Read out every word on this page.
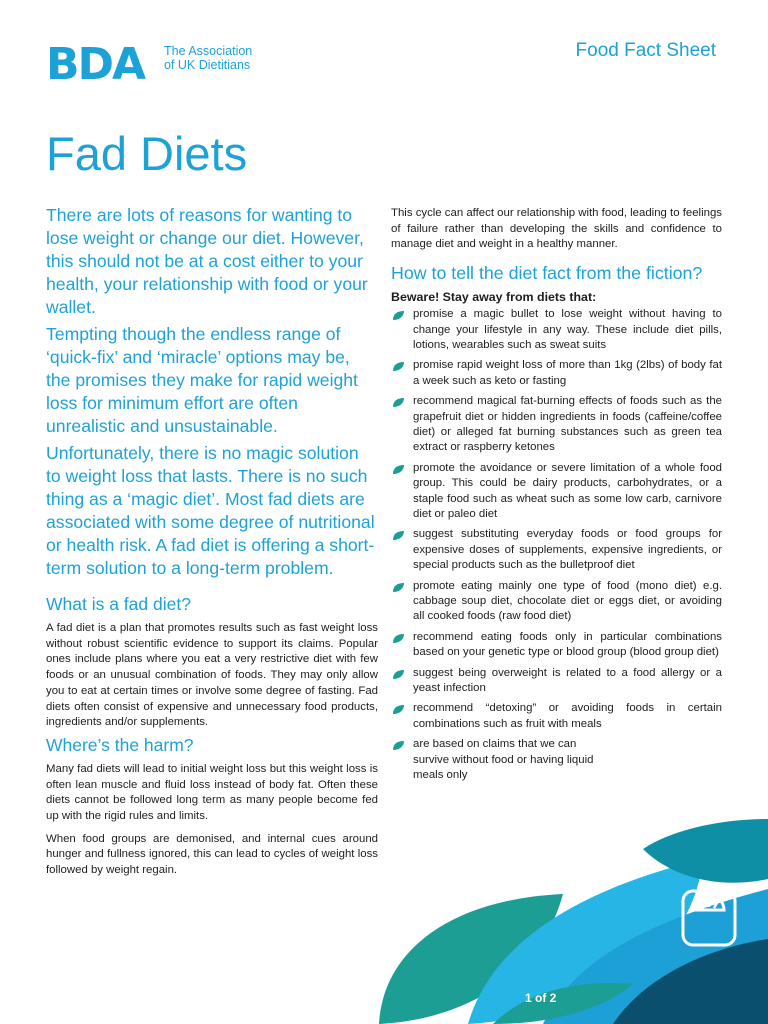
BDA The Association
of UK Dietitians
Food Fact Sheet
Fad Diets

There are lots of reasons for wanting to lose weight or change our diet. However, this should not be at a cost either to your health, your relationship with food or your wallet.

Tempting though the endless range of ‘quick-fix’ and ‘miracle’ options may be, the promises they make for rapid weight loss for minimum effort are often unrealistic and unsustainable.

Unfortunately, there is no magic solution to weight loss that lasts. There is no such thing as a ‘magic diet’. Most fad diets are associated with some degree of nutritional or health risk. A fad diet is offering a short-term solution to a long-term problem.

What is a fad diet?

A fad diet is a plan that promotes results such as fast weight loss without robust scientific evidence to support its claims. Popular ones include plans where you eat a very restrictive diet with few foods or an unusual combination of foods. They may only allow you to eat at certain times or involve some degree of fasting. Fad diets often consist of expensive and unnecessary food products, ingredients and/or supplements.

Where’s the harm?

Many fad diets will lead to initial weight loss but this weight loss is often lean muscle and fluid loss instead of body fat. Often these diets cannot be followed long term as many people become fed up with the rigid rules and limits.

When food groups are demonised, and internal cues around hunger and fullness ignored, this can lead to cycles of weight loss followed by weight regain.

This cycle can affect our relationship with food, leading to feelings of failure rather than developing the skills and confidence to manage diet and weight in a healthy manner.

How to tell the diet fact from the fiction?
Beware! Stay away from diets that:
promise a magic bullet to lose weight without having to change your lifestyle in any way. These include diet pills, lotions, wearables such as sweat suits
promise rapid weight loss of more than 1kg (2lbs) of body fat a week such as keto or fasting
recommend magical fat-burning effects of foods such as the grapefruit diet or hidden ingredients in foods (caffeine/coffee diet) or alleged fat burning substances such as green tea extract or raspberry ketones
promote the avoidance or severe limitation of a whole food group. This could be dairy products, carbohydrates, or a staple food such as wheat such as some low carb, carnivore diet or paleo diet
suggest substituting everyday foods or food groups for expensive doses of supplements, expensive ingredients, or special products such as the bulletproof diet
promote eating mainly one type of food (mono diet) e.g. cabbage soup diet, chocolate diet or eggs diet, or avoiding all cooked foods (raw food diet)
recommend eating foods only in particular combinations based on your genetic type or blood group (blood group diet)
suggest being overweight is related to a food allergy or a yeast infection
recommend “detoxing” or avoiding foods in certain combinations such as fruit with meals
are based on claims that we can survive without food or having liquid meals only
1 of 2
